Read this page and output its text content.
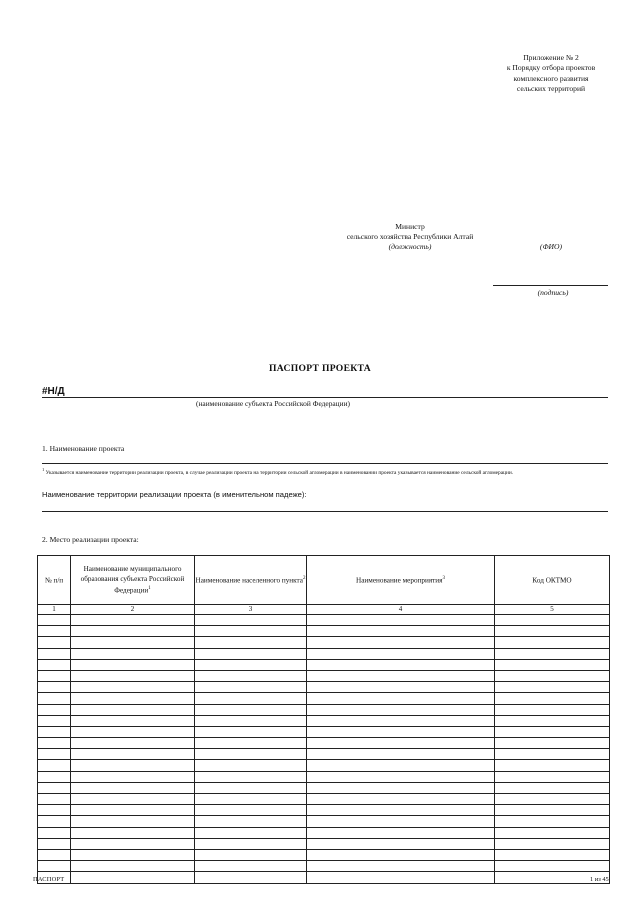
Приложение № 2
к Порядку отбора проектов
комплексного развития
сельских территорий
Министр
сельского хозяйства Республики Алтай
(должность)	(ФИО)
(подпись)
ПАСПОРТ ПРОЕКТА
#Н/Д
(наименование субъекта Российской Федерации)
1. Наименование проекта
$^1$ Указывается наименование территории реализации проекта, в случае реализации проекта на территории сельской агломерации в наименовании проекта указывается наименование сельской агломерации.
Наименование территории реализации проекта (в именительном падеже):
2. Место реализации проекта:
№ п/п	Наименование муниципального образования субъекта Российской Федерации$^1$	Наименование населенного пункта$^2$	Наименование мероприятия$^3$	Код ОКТМО
1	2	3	4	5

ПАСПОРТ	1 из 45
